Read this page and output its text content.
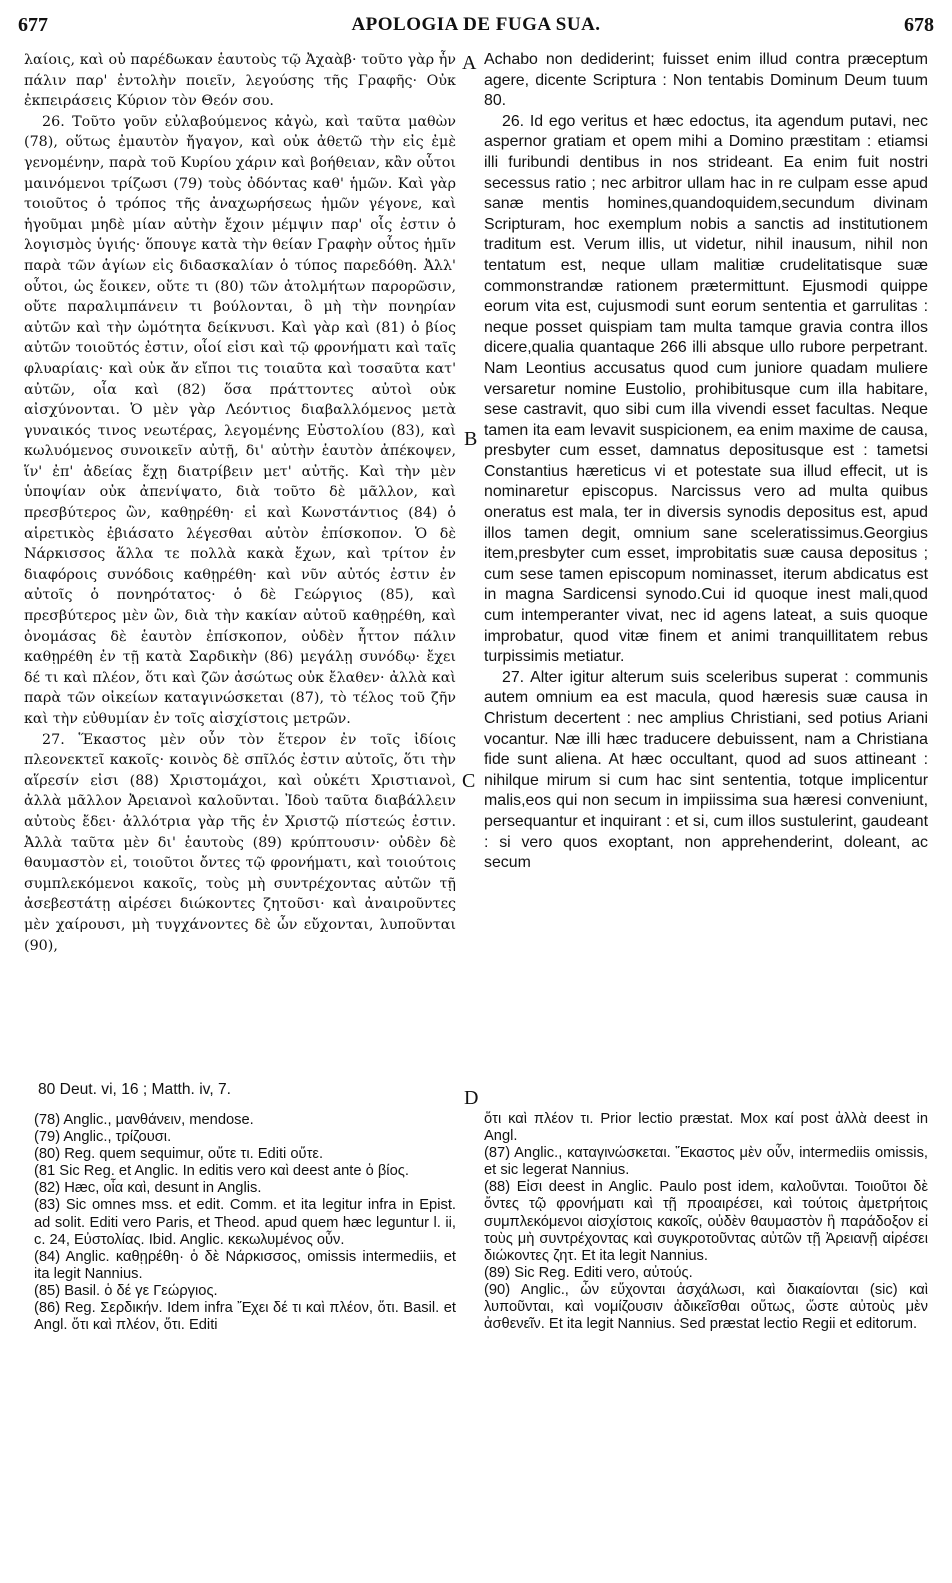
677	APOLOGIA DE FUGA SUA.	678
A
B
C
D

λαίοις, καὶ οὐ παρέδωκαν ἑαυτοὺς τῷ Ἀχαὰβ· τοῦτο γὰρ ἦν πάλιν παρ' ἐντολὴν ποιεῖν, λεγούσης τῆς Γραφῆς· Οὐκ ἐκπειράσεις Κύριον τὸν Θεόν σου.

26. Τοῦτο γοῦν εὐλαβούμενος κἀγὼ, καὶ ταῦτα μαθὼν (78), οὕτως ἐμαυτὸν ἤγαγον, καὶ οὐκ ἀθετῶ τὴν εἰς ἐμὲ γενομένην, παρὰ τοῦ Κυρίου χάριν καὶ βοήθειαν, κἂν οὗτοι μαινόμενοι τρίζωσι (79) τοὺς ὀδόντας καθ' ἡμῶν. Καὶ γὰρ τοιοῦτος ὁ τρόπος τῆς ἀναχωρήσεως ἡμῶν γέγονε, καὶ ἡγοῦμαι μηδὲ μίαν αὐτὴν ἔχοιν μέμψιν παρ' οἷς ἐστιν ὁ λογισμὸς ὑγιής· ὅπουγε κατὰ τὴν θείαν Γραφὴν οὗτος ἡμῖν παρὰ τῶν ἁγίων εἰς διδασκαλίαν ὁ τύπος παρεδόθη. Ἀλλ' οὗτοι, ὡς ἔοικεν, οὔτε τι (80) τῶν ἀτολμήτων παρορῶσιν, οὔτε παραλιμπάνειν τι βούλονται, ὃ μὴ τὴν πονηρίαν αὐτῶν καὶ τὴν ὠμότητα δείκνυσι. Καὶ γὰρ καὶ (81) ὁ βίος αὐτῶν τοιοῦτός ἐστιν, οἷοί εἰσι καὶ τῷ φρονήματι καὶ ταῖς φλυαρίαις· καὶ οὐκ ἄν εἴποι τις τοιαῦτα καὶ τοσαῦτα κατ' αὐτῶν, οἷα καὶ (82) ὅσα πράττοντες αὐτοὶ οὐκ αἰσχύνονται. Ὁ μὲν γὰρ Λεόντιος διαβαλλόμενος μετὰ γυναικός τινος νεωτέρας, λεγομένης Εὐστολίου (83), καὶ κωλυόμενος συνοικεῖν αὐτῇ, δι' αὐτὴν ἑαυτὸν ἀπέκοψεν, ἵν' ἐπ' ἀδείας ἔχῃ διατρίβειν μετ' αὐτῆς. Καὶ τὴν μὲν ὑποψίαν οὐκ ἀπενίψατο, διὰ τοῦτο δὲ μᾶλλον, καὶ πρεσβύτερος ὢν, καθῃρέθη· εἰ καὶ Κωνστάντιος (84) ὁ αἱρετικὸς ἐβιάσατο λέγεσθαι αὐτὸν ἐπίσκοπον. Ὁ δὲ Νάρκισσος ἅλλα τε πολλὰ κακὰ ἔχων, καὶ τρίτον ἐν διαφόροις συνόδοις καθῃρέθη· καὶ νῦν αὐτός ἐστιν ἐν αὐτοῖς ὁ πονηρότατος· ὁ δὲ Γεώργιος (85), καὶ πρεσβύτερος μὲν ὢν, διὰ τὴν κακίαν αὐτοῦ καθῃρέθη, καὶ ὀνομάσας δὲ ἑαυτὸν ἐπίσκοπον, οὐδὲν ἧττον πάλιν καθῃρέθη ἐν τῇ κατὰ Σαρδικὴν (86) μεγάλῃ συνόδῳ· ἔχει δέ τι καὶ πλέον, ὅτι καὶ ζῶν ἀσώτως οὐκ ἔλαθεν· ἀλλὰ καὶ παρὰ τῶν οἰκείων καταγινώσκεται (87), τὸ τέλος τοῦ ζῆν καὶ τὴν εὐθυμίαν ἐν τοῖς αἰσχίστοις μετρῶν.

27. Ἕκαστος μὲν οὖν τὸν ἕτερον ἐν τοῖς ἰδίοις πλεονεκτεῖ κακοῖς· κοινὸς δὲ σπῖλός ἐστιν αὐτοῖς, ὅτι τὴν αἵρεσίν εἰσι (88) Χριστομάχοι, καὶ οὐκέτι Χριστιανοὶ, ἀλλὰ μᾶλλον Ἀρειανοὶ καλοῦνται. Ἰδοὺ ταῦτα διαβάλλειν αὐτοὺς ἔδει· ἀλλότρια γὰρ τῆς ἐν Χριστῷ πίστεώς ἐστιν. Ἀλλὰ ταῦτα μὲν δι' ἑαυτοὺς (89) κρύπτουσιν· οὐδὲν δὲ θαυμαστὸν εἰ, τοιοῦτοι ὄντες τῷ φρονήματι, καὶ τοιούτοις συμπλεκόμενοι κακοῖς, τοὺς μὴ συντρέχοντας αὐτῶν τῇ ἀσεβεστάτῃ αἱρέσει διώκοντες ζητοῦσι· καὶ ἀναιροῦντες μὲν χαίρουσι, μὴ τυγχάνοντες δὲ ὧν εὔχονται, λυποῦνται (90),

Achabo non dediderint; fuisset enim illud contra præceptum agere, dicente Scriptura : Non tentabis Dominum Deum tuum 80.

26. Id ego veritus et hæc edoctus, ita agendum putavi, nec aspernor gratiam et opem mihi a Domino præstitam : etiamsi illi furibundi dentibus in nos strideant. Ea enim fuit nostri secessus ratio ; nec arbitror ullam hac in re culpam esse apud sanæ mentis homines,quandoquidem,secundum divinam Scripturam, hoc exemplum nobis a sanctis ad institutionem traditum est. Verum illis, ut videtur, nihil inausum, nihil non tentatum est, neque ullam malitiæ crudelitatisque suæ commonstrandæ rationem prætermittunt. Ejusmodi quippe eorum vita est, cujusmodi sunt eorum sententia et garrulitas : neque posset quispiam tam multa tamque gravia contra illos dicere,qualia quantaque 266 illi absque ullo rubore perpetrant. Nam Leontius accusatus quod cum juniore quadam muliere versaretur nomine Eustolio, prohibitusque cum illa habitare, sese castravit, quo sibi cum illa vivendi esset facultas. Neque tamen ita eam levavit suspicionem, ea enim maxime de causa, presbyter cum esset, damnatus depositusque est : tametsi Constantius hæreticus vi et potestate sua illud effecit, ut is nominaretur episcopus. Narcissus vero ad multa quibus oneratus est mala, ter in diversis synodis depositus est, apud illos tamen degit, omnium sane sceleratissimus.Georgius item,presbyter cum esset, improbitatis suæ causa depositus ; cum sese tamen episcopum nominasset, iterum abdicatus est in magna Sardicensi synodo.Cui id quoque inest mali,quod cum intemperanter vivat, nec id agens lateat, a suis quoque improbatur, quod vitæ finem et animi tranquillitatem rebus turpissimis metiatur.

27. Alter igitur alterum suis sceleribus superat : communis autem omnium ea est macula, quod hæresis suæ causa in Christum decertent : nec amplius Christiani, sed potius Ariani vocantur. Næ illi hæc traducere debuissent, nam a Christiana fide sunt aliena. At hæc occultant, quod ad suos attineant : nihilque mirum si cum hac sint sententia, totque implicentur malis,eos qui non secum in impiissima sua hæresi conveniunt, persequantur et inquirant : et si, cum illos sustulerint, gaudeant : si vero quos exoptant, non apprehenderint, doleant, ac secum

80 Deut. vi, 16 ; Matth. iv, 7.

(78) Anglic., μανθάνειν, mendose.

(79) Anglic., τρίζουσι.

(80) Reg. quem sequimur, οὔτε τι. Editi οὔτε.

(81 Sic Reg. et Anglic. In editis vero καὶ deest ante ὁ βίος.

(82) Hæc, οἷα καὶ, desunt in Anglis.

(83) Sic omnes mss. et edit. Comm. et ita legitur infra in Epist. ad solit. Editi vero Paris, et Theod. apud quem hæc leguntur l. ii, c. 24, Εὐστολίας. Ibid. Anglic. κεκωλυμένος οὖν.

(84) Anglic. καθῃρέθη· ὁ δὲ Νάρκισσος, omissis intermediis, et ita legit Nannius.

(85) Basil. ὁ δέ γε Γεώργιος.

(86) Reg. Σερδικήν. Idem infra Ἔχει δέ τι καὶ πλέον, ὅτι. Basil. et Angl. ὅτι καὶ πλέον, ὅτι. Editi

ὅτι καὶ πλέον τι. Prior lectio præstat. Mox καί post ἀλλὰ deest in Angl.

(87) Anglic., καταγινώσκεται. Ἕκαστος μὲν οὖν, intermediis omissis, et sic legerat Nannius.

(88) Εἰσι deest in Anglic. Paulo post idem, καλοῦνται. Τοιοῦτοι δὲ ὄντες τῷ φρονήματι καὶ τῇ προαιρέσει, καὶ τούτοις ἀμετρήτοις συμπλεκόμενοι αἰσχίστοις κακοῖς, οὐδὲν θαυμαστὸν ἢ παράδοξον εἰ τοὺς μὴ συντρέχοντας καὶ συγκροτοῦντας αὐτῶν τῇ Ἀρειανῇ αἱρέσει διώκοντες ζητ. Et ita legit Nannius.

(89) Sic Reg. Editi vero, αὐτούς.

(90) Anglic., ὧν εὔχονται ἀσχάλωσι, καὶ διακαίονται (sic) καὶ λυποῦνται, καὶ νομίζουσιν ἀδικεῖσθαι οὕτως, ὥστε αὐτοὺς μὲν ἀσθενεῖν. Et ita legit Nannius. Sed præstat lectio Regii et editorum.
